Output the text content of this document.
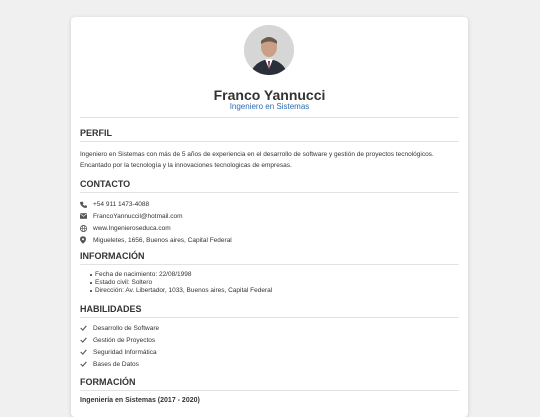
Franco Yannucci
Ingeniero en Sistemas
PERFIL
Ingeniero en Sistemas con más de 5 años de experiencia en el desarrollo de software y gestión de proyectos tecnológicos.
Encantado por la tecnología y la innovaciones tecnologicas de empresas.
CONTACTO
+54 911 1473-4088
FrancoYannuccil@hotmail.com
www.Ingenieroseduca.com
Migueletes, 1656, Buenos aires, Capital Federal
INFORMACIÓN
Fecha de nacimiento: 22/08/1998
Estado civil: Soltero
Dirección: Av. Libertador, 1033, Buenos aires, Capital Federal
HABILIDADES
Desarrollo de Software
Gestión de Proyectos
Seguridad Informática
Bases de Datos
FORMACIÓN
Ingeniería en Sistemas (2017 - 2020)
